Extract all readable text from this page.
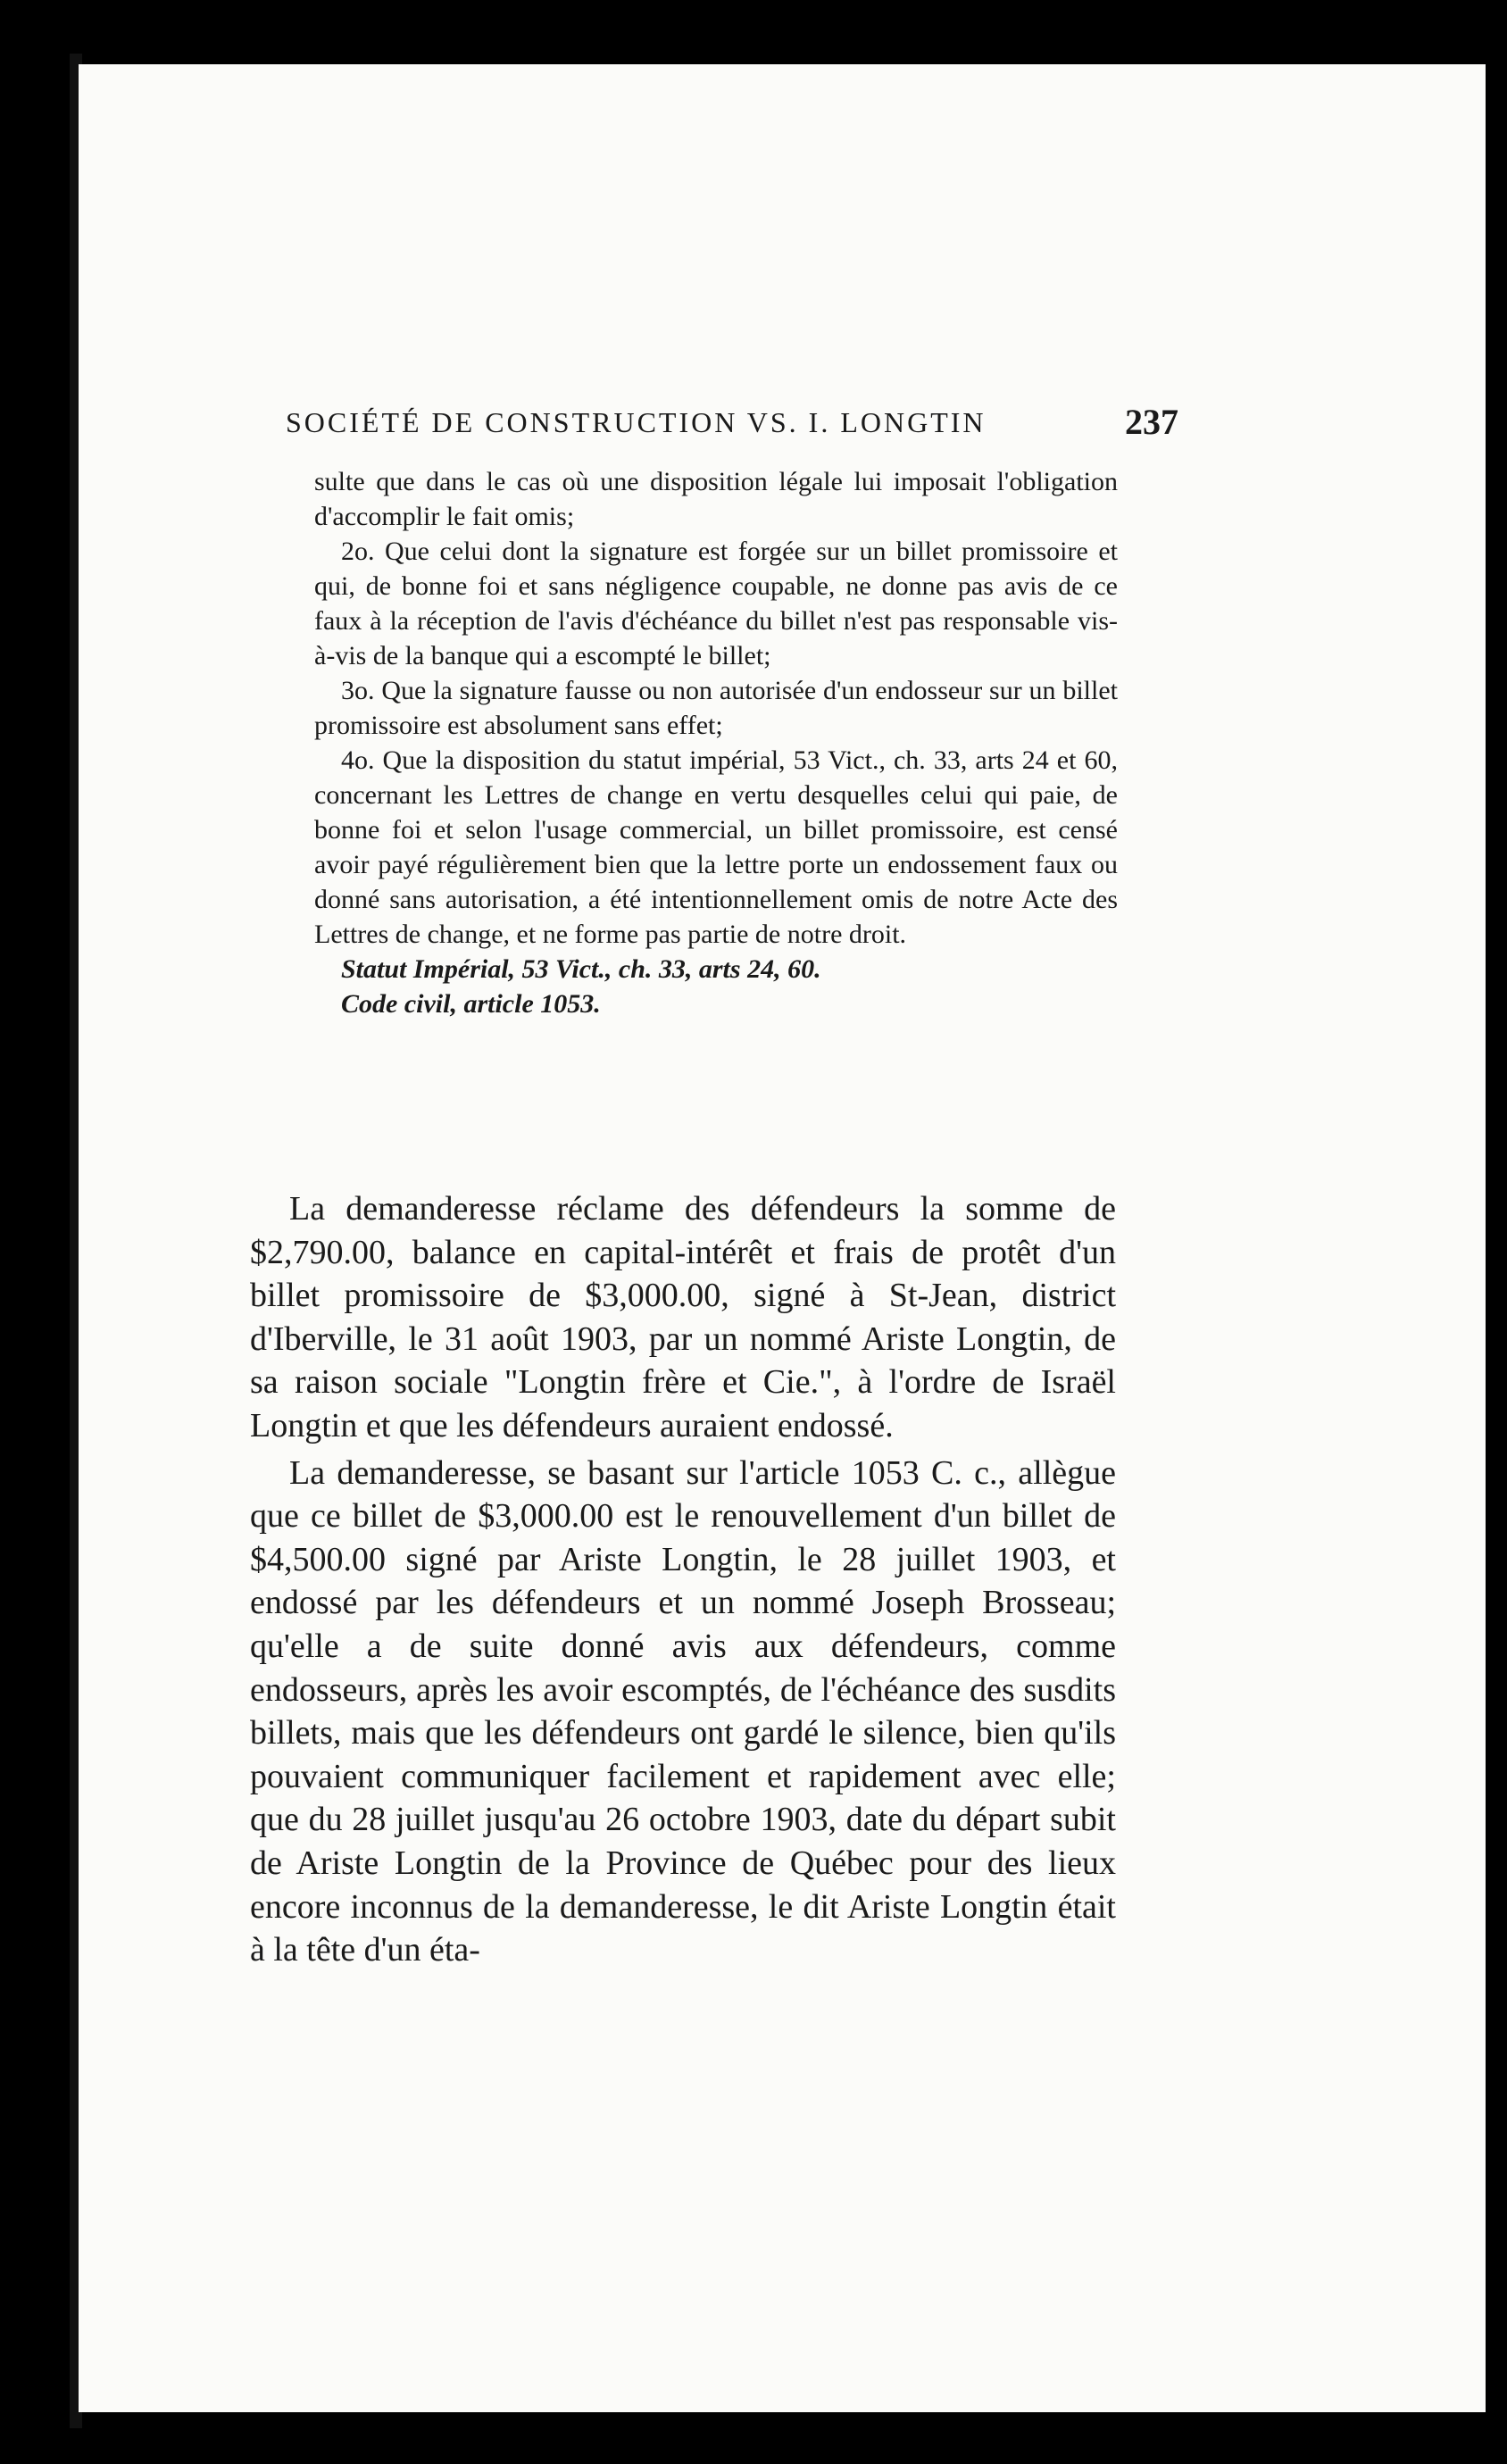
SOCIÉTÉ DE CONSTRUCTION VS. I. LONGTIN	237

sulte que dans le cas où une disposition légale lui imposait l'obligation d'accomplir le fait omis;

2o. Que celui dont la signature est forgée sur un billet promissoire et qui, de bonne foi et sans négligence coupable, ne donne pas avis de ce faux à la réception de l'avis d'échéance du billet n'est pas responsable vis-à-vis de la banque qui a escompté le billet;

3o. Que la signature fausse ou non autorisée d'un endosseur sur un billet promissoire est absolument sans effet;

4o. Que la disposition du statut impérial, 53 Vict., ch. 33, arts 24 et 60, concernant les Lettres de change en vertu desquelles celui qui paie, de bonne foi et selon l'usage commercial, un billet promissoire, est censé avoir payé régulièrement bien que la lettre porte un endossement faux ou donné sans autorisation, a été intentionnellement omis de notre Acte des Lettres de change, et ne forme pas partie de notre droit.

Statut Impérial, 53 Vict., ch. 33, arts 24, 60.

Code civil, article 1053.

La demanderesse réclame des défendeurs la somme de $2,790.00, balance en capital-intérêt et frais de protêt d'un billet promissoire de $3,000.00, signé à St-Jean, district d'Iberville, le 31 août 1903, par un nommé Ariste Longtin, de sa raison sociale "Longtin frère et Cie.", à l'ordre de Israël Longtin et que les défendeurs auraient endossé.

La demanderesse, se basant sur l'article 1053 C. c., allègue que ce billet de $3,000.00 est le renouvellement d'un billet de $4,500.00 signé par Ariste Longtin, le 28 juillet 1903, et endossé par les défendeurs et un nommé Joseph Brosseau; qu'elle a de suite donné avis aux défendeurs, comme endosseurs, après les avoir escomptés, de l'échéance des susdits billets, mais que les défendeurs ont gardé le silence, bien qu'ils pouvaient communiquer facilement et rapidement avec elle; que du 28 juillet jusqu'au 26 octobre 1903, date du départ subit de Ariste Longtin de la Province de Québec pour des lieux encore inconnus de la demanderesse, le dit Ariste Longtin était à la tête d'un éta-
